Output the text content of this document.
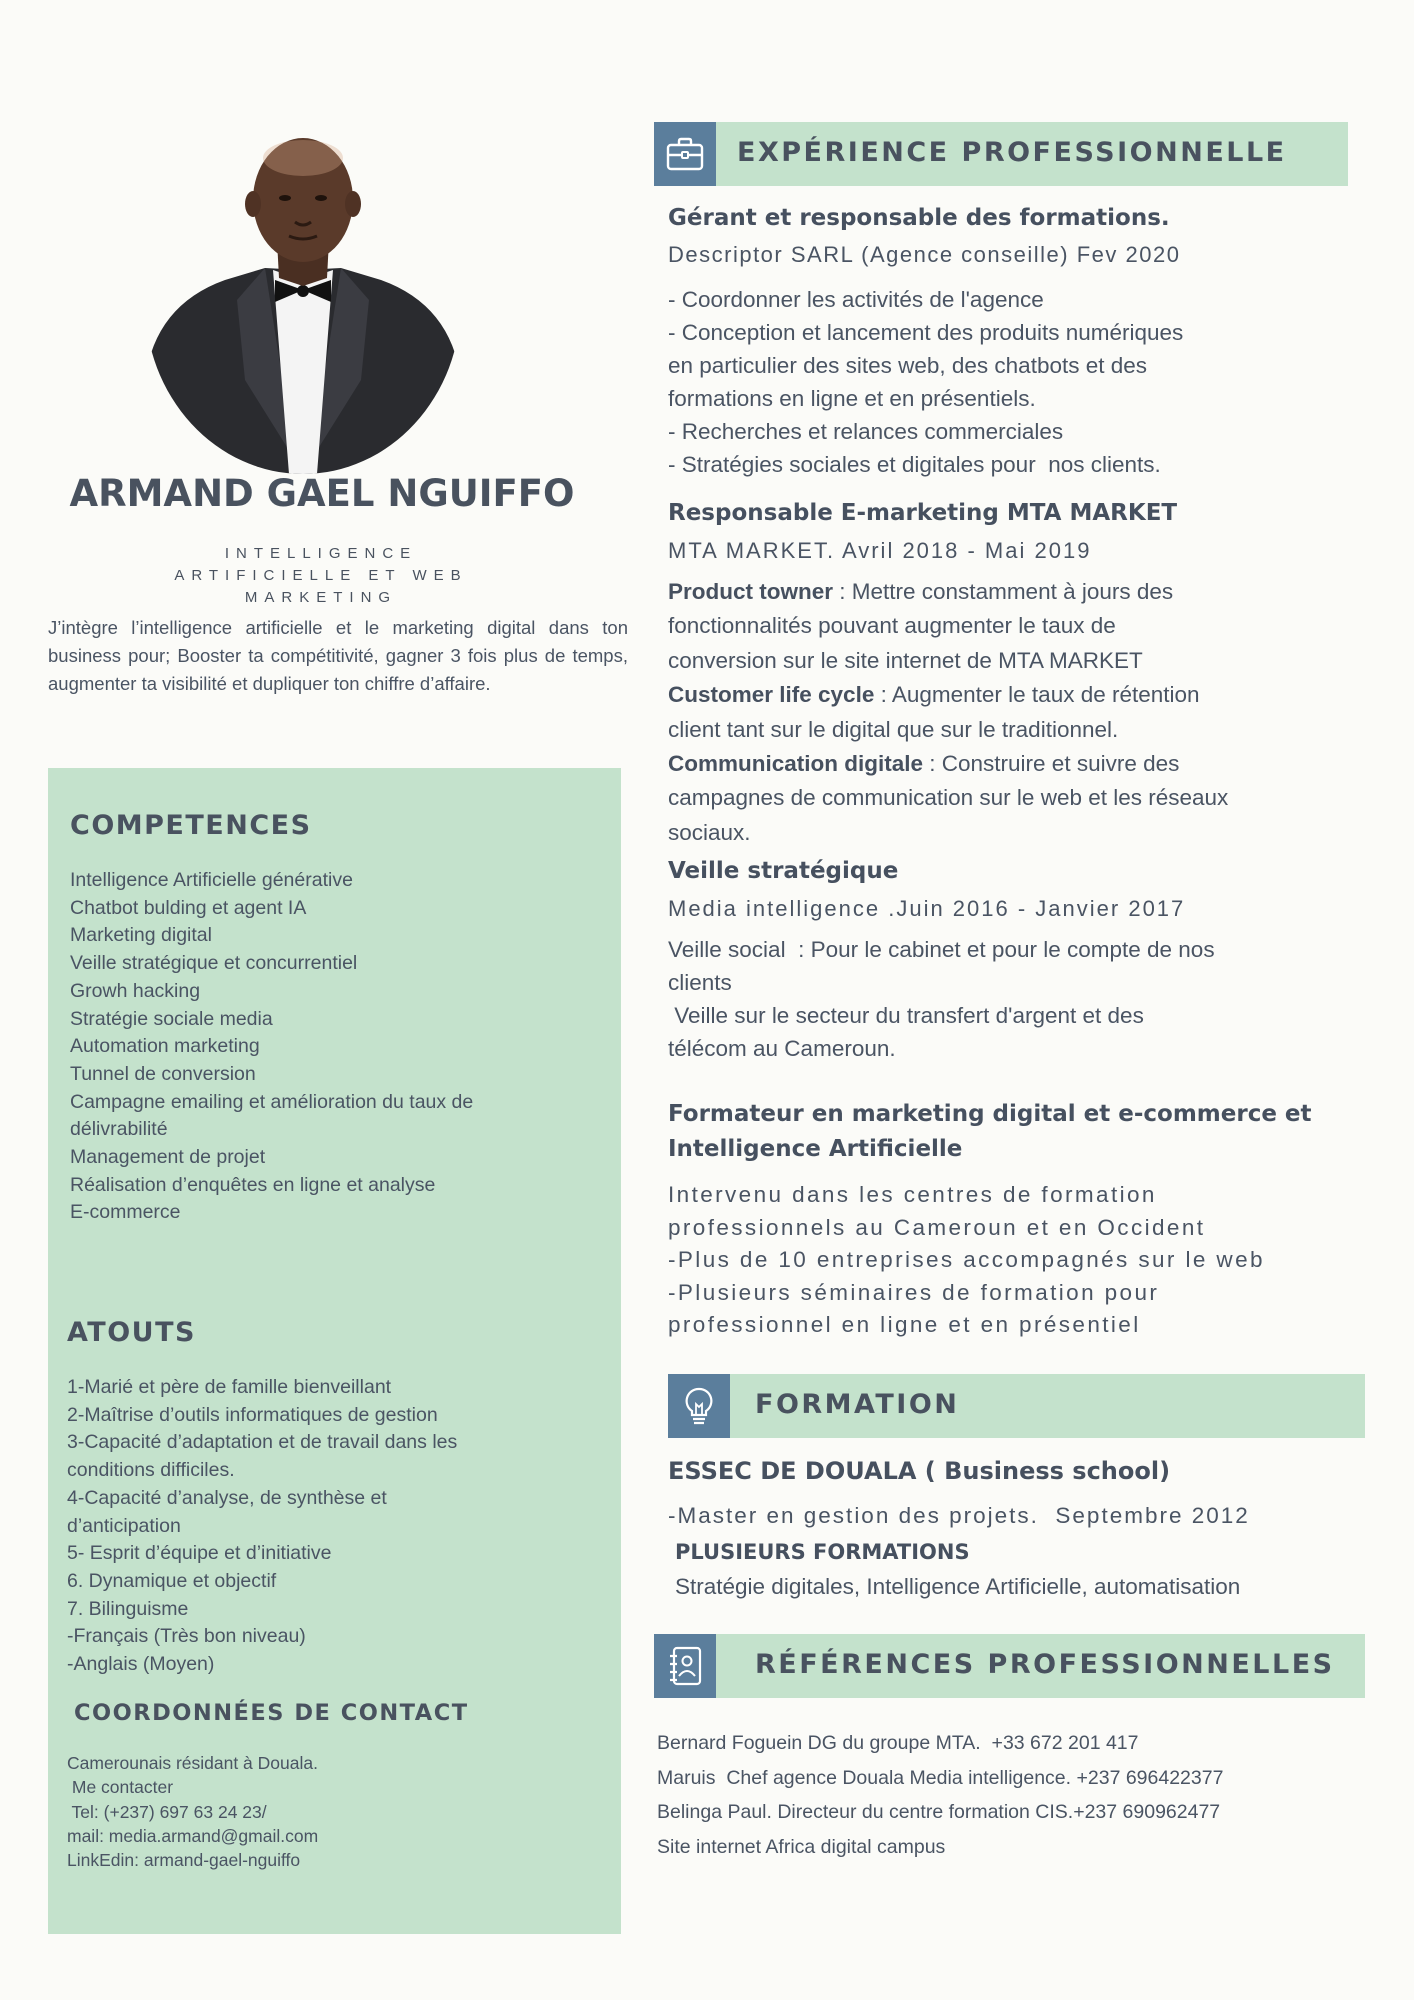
ARMAND GAEL NGUIFFO
INTELLIGENCE
ARTIFICIELLE ET WEB
MARKETING
J’intègre l’intelligence artificielle et le marketing digital dans ton business pour; Booster ta compétitivité, gagner 3 fois plus de temps, augmenter ta visibilité et dupliquer ton chiffre d’affaire.
COMPETENCES
Intelligence Artificielle générative
Chatbot bulding et agent IA
Marketing digital
Veille stratégique et concurrentiel
Growh hacking
Stratégie sociale media
Automation marketing
Tunnel de conversion
Campagne emailing et amélioration du taux de
délivrabilité
Management de projet
Réalisation d’enquêtes en ligne et analyse
E-commerce
ATOUTS
1-Marié et père de famille bienveillant
2-Maîtrise d’outils informatiques de gestion
3-Capacité d’adaptation et de travail dans les
conditions difficiles.
4-Capacité d’analyse, de synthèse et
d’anticipation
5- Esprit d’équipe et d’initiative
6. Dynamique et objectif
7. Bilinguisme
-Français (Très bon niveau)
-Anglais (Moyen)
COORDONNÉES DE CONTACT
Camerounais résidant à Douala.
Me contacter
Tel: (+237) 697 63 24 23/
mail: media.armand@gmail.com
LinkEdin: armand-gael-nguiffo
EXPÉRIENCE PROFESSIONNELLE
Gérant et responsable des formations.
Descriptor SARL (Agence conseille) Fev 2020
- Coordonner les activités de l'agence
- Conception et lancement des produits numériques
en particulier des sites web, des chatbots et des
formations en ligne et en présentiels.
- Recherches et relances commerciales
- Stratégies sociales et digitales pour  nos clients.
Responsable E-marketing MTA MARKET
MTA MARKET. Avril 2018 - Mai 2019
Product towner : Mettre constamment à jours des
fonctionnalités pouvant augmenter le taux de
conversion sur le site internet de MTA MARKET
Customer life cycle : Augmenter le taux de rétention
client tant sur le digital que sur le traditionnel.
Communication digitale : Construire et suivre des
campagnes de communication sur le web et les réseaux
sociaux.
Veille stratégique
Media intelligence .Juin 2016 - Janvier 2017
Veille social  : Pour le cabinet et pour le compte de nos
clients
Veille sur le secteur du transfert d'argent et des
télécom au Cameroun.
Formateur en marketing digital et e-commerce et
Intelligence Artificielle
Intervenu dans les centres de formation
professionnels au Cameroun et en Occident
-Plus de 10 entreprises accompagnés sur le web
-Plusieurs séminaires de formation pour
professionnel en ligne et en présentiel
FORMATION
ESSEC DE DOUALA ( Business school)
-Master en gestion des projets.  Septembre 2012
PLUSIEURS FORMATIONS
Stratégie digitales, Intelligence Artificielle, automatisation
RÉFÉRENCES PROFESSIONNELLES
Bernard Foguein DG du groupe MTA.  +33 672 201 417
Maruis  Chef agence Douala Media intelligence. +237 696422377
Belinga Paul. Directeur du centre formation CIS.+237 690962477
Site internet Africa digital campus
